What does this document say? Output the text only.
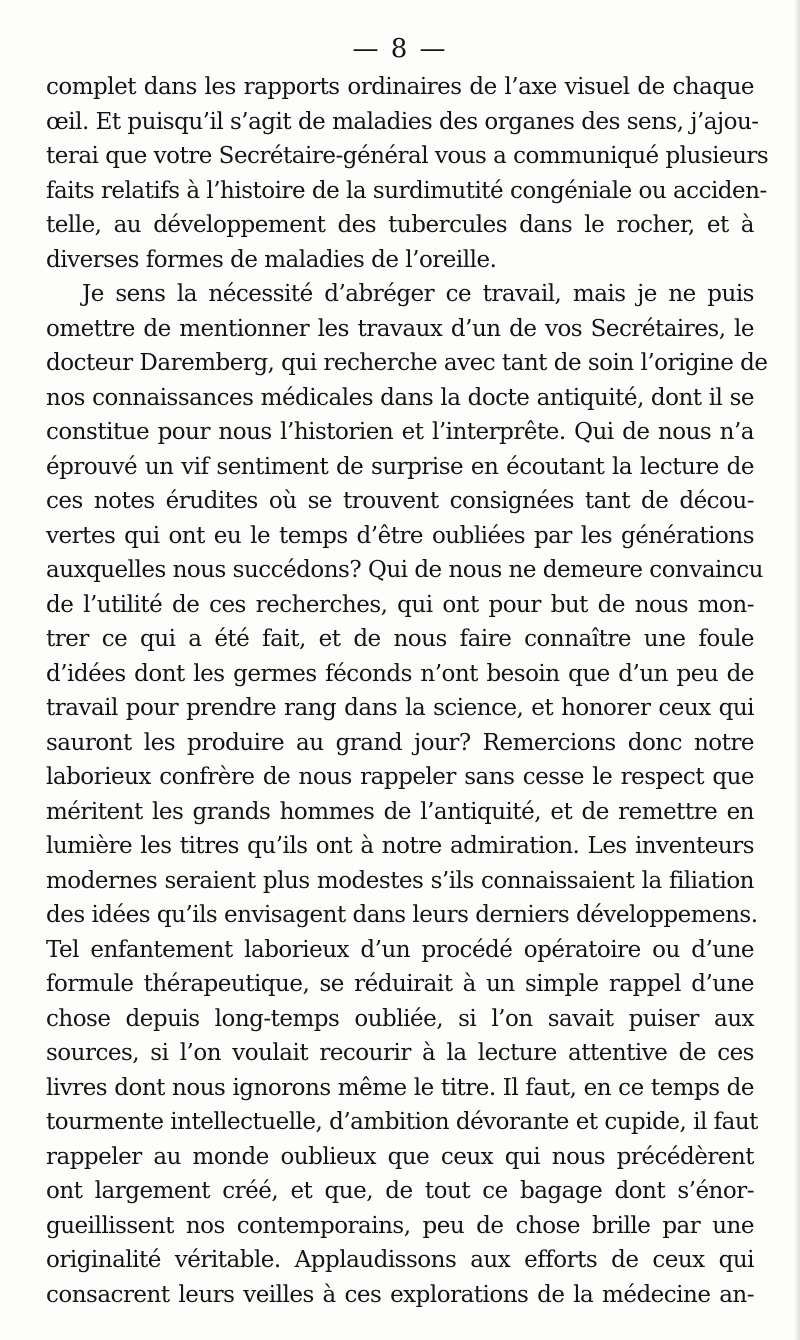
— 8 —
complet dans les rapports ordinaires de l’axe visuel de chaque
œil. Et puisqu’il s’agit de maladies des organes des sens, j’ajou-
terai que votre Secrétaire-général vous a communiqué plusieurs
faits relatifs à l’histoire de la surdimutité congéniale ou acciden-
telle, au développement des tubercules dans le rocher, et à
diverses formes de maladies de l’oreille.
Je sens la nécessité d’abréger ce travail, mais je ne puis
omettre de mentionner les travaux d’un de vos Secrétaires, le
docteur Daremberg, qui recherche avec tant de soin l’origine de
nos connaissances médicales dans la docte antiquité, dont il se
constitue pour nous l’historien et l’interprête. Qui de nous n’a
éprouvé un vif sentiment de surprise en écoutant la lecture de
ces notes érudites où se trouvent consignées tant de décou-
vertes qui ont eu le temps d’être oubliées par les générations
auxquelles nous succédons? Qui de nous ne demeure convaincu
de l’utilité de ces recherches, qui ont pour but de nous mon-
trer ce qui a été fait, et de nous faire connaître une foule
d’idées dont les germes féconds n’ont besoin que d’un peu de
travail pour prendre rang dans la science, et honorer ceux qui
sauront les produire au grand jour? Remercions donc notre
laborieux confrère de nous rappeler sans cesse le respect que
méritent les grands hommes de l’antiquité, et de remettre en
lumière les titres qu’ils ont à notre admiration. Les inventeurs
modernes seraient plus modestes s’ils connaissaient la filiation
des idées qu’ils envisagent dans leurs derniers développemens.
Tel enfantement laborieux d’un procédé opératoire ou d’une
formule thérapeutique, se réduirait à un simple rappel d’une
chose depuis long-temps oubliée, si l’on savait puiser aux
sources, si l’on voulait recourir à la lecture attentive de ces
livres dont nous ignorons même le titre. Il faut, en ce temps de
tourmente intellectuelle, d’ambition dévorante et cupide, il faut
rappeler au monde oublieux que ceux qui nous précédèrent
ont largement créé, et que, de tout ce bagage dont s’énor-
gueillissent nos contemporains, peu de chose brille par une
originalité véritable. Applaudissons aux efforts de ceux qui
consacrent leurs veilles à ces explorations de la médecine an-
